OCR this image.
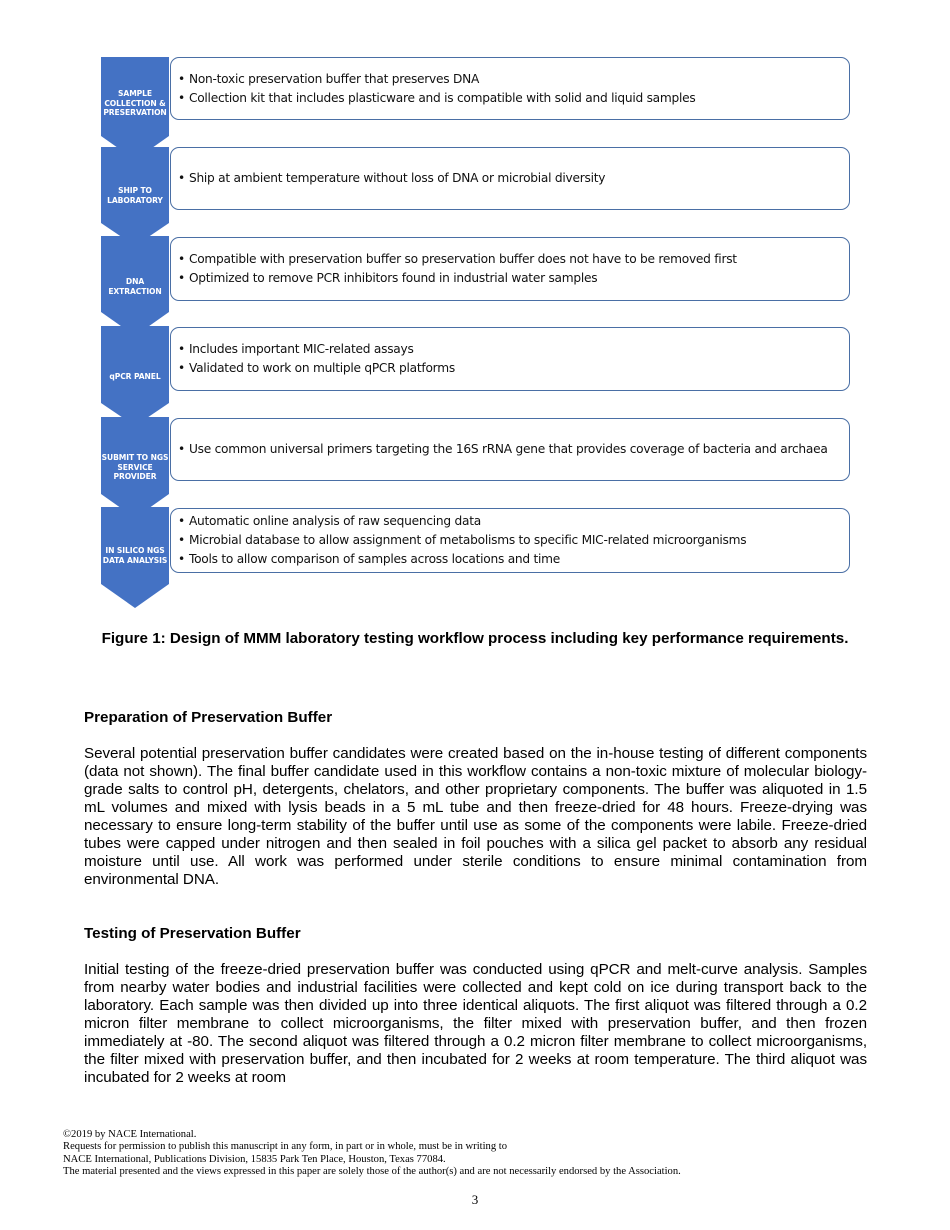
SAMPLE COLLECTION & PRESERVATION
• Non-toxic preservation buffer that preserves DNA
• Collection kit that includes plasticware and is compatible with solid and liquid samples
SHIP TO LABORATORY
• Ship at ambient temperature without loss of DNA or microbial diversity
DNA EXTRACTION
• Compatible with preservation buffer so preservation buffer does not have to be removed first
• Optimized to remove PCR inhibitors found in industrial water samples
qPCR PANEL
• Includes important MIC-related assays
• Validated to work on multiple qPCR platforms
SUBMIT TO NGS SERVICE PROVIDER
• Use common universal primers targeting the 16S rRNA gene that provides coverage of bacteria and archaea
IN SILICO NGS DATA ANALYSIS
• Automatic online analysis of raw sequencing data
• Microbial database to allow assignment of metabolisms to specific MIC-related microorganisms
• Tools to allow comparison of samples across locations and time
Figure 1: Design of MMM laboratory testing workflow process including key performance requirements.
Preparation of Preservation Buffer
Several potential preservation buffer candidates were created based on the in-house testing of different components (data not shown). The final buffer candidate used in this workflow contains a non-toxic mixture of molecular biology-grade salts to control pH, detergents, chelators, and other proprietary components. The buffer was aliquoted in 1.5 mL volumes and mixed with lysis beads in a 5 mL tube and then freeze-dried for 48 hours. Freeze-drying was necessary to ensure long-term stability of the buffer until use as some of the components were labile. Freeze-dried tubes were capped under nitrogen and then sealed in foil pouches with a silica gel packet to absorb any residual moisture until use. All work was performed under sterile conditions to ensure minimal contamination from environmental DNA.
Testing of Preservation Buffer
Initial testing of the freeze-dried preservation buffer was conducted using qPCR and melt-curve analysis. Samples from nearby water bodies and industrial facilities were collected and kept cold on ice during transport back to the laboratory. Each sample was then divided up into three identical aliquots. The first aliquot was filtered through a 0.2 micron filter membrane to collect microorganisms, the filter mixed with preservation buffer, and then frozen immediately at -80. The second aliquot was filtered through a 0.2 micron filter membrane to collect microorganisms, the filter mixed with preservation buffer, and then incubated for 2 weeks at room temperature. The third aliquot was incubated for 2 weeks at room
©2019 by NACE International.
Requests for permission to publish this manuscript in any form, in part or in whole, must be in writing to
NACE International, Publications Division, 15835 Park Ten Place, Houston, Texas 77084.
The material presented and the views expressed in this paper are solely those of the author(s) and are not necessarily endorsed by the Association.
3
